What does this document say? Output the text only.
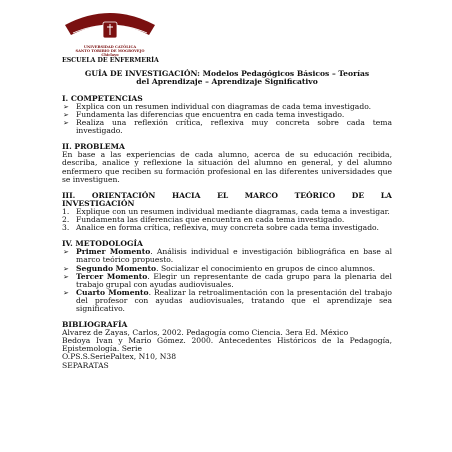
UNIVERSIDAD CATÓLICA
SANTO TORIBIO DE MOGROVEJO
Chiclayo
ESCUELA DE ENFERMERÍA
GUÍA DE INVESTIGACIÓN: Modelos Pedagógicos Básicos – Teorías
del Aprendizaje – Aprendizaje Significativo
I. COMPETENCIAS
➢ Explica con un resumen individual con diagramas de cada tema investigado.
➢ Fundamenta las diferencias que encuentra en cada tema investigado.
➢ Realiza una reflexión crítica, reflexiva muy concreta sobre cada tema investigado.
II. PROBLEMA

En base a las experiencias de cada alumno, acerca de su educación recibida, describa, analice y reflexione la situación del alumno en general, y del alumno enfermero que reciben su formación profesional en las diferentes universidades que se investiguen.

III. ORIENTACIÓN HACIA EL MARCO TEÓRICO DE LA
INVESTIGACIÓN
1. Explique con un resumen individual mediante diagramas, cada tema a investigar.
2. Fundamenta las diferencias que encuentra en cada tema investigado.
3. Analice en forma crítica, reflexiva, muy concreta sobre cada tema investigado.
IV. METODOLOGÍA
➢ Primer Momento. Análisis individual e investigación bibliográfica en base al marco teórico propuesto.
➢ Segundo Momento. Socializar el conocimiento en grupos de cinco alumnos.
➢ Tercer Momento. Elegir un representante de cada grupo para la plenaria del trabajo grupal con ayudas audiovisuales.
➢ Cuarto Momento. Realizar la retroalimentación con la presentación del trabajo del profesor con ayudas audiovisuales, tratando que el aprendizaje sea significativo.
BIBLIOGRAFÍA

Alvarez de Zayas, Carlos, 2002. Pedagogía como Ciencia. 3era Ed. México

Bedoya Ivan y Mario Gómez. 2000. Antecedentes Históricos de la Pedagogía, Epistemología. Serie

O.PS.S.SeriePaltex, N10, N38

SEPARATAS
